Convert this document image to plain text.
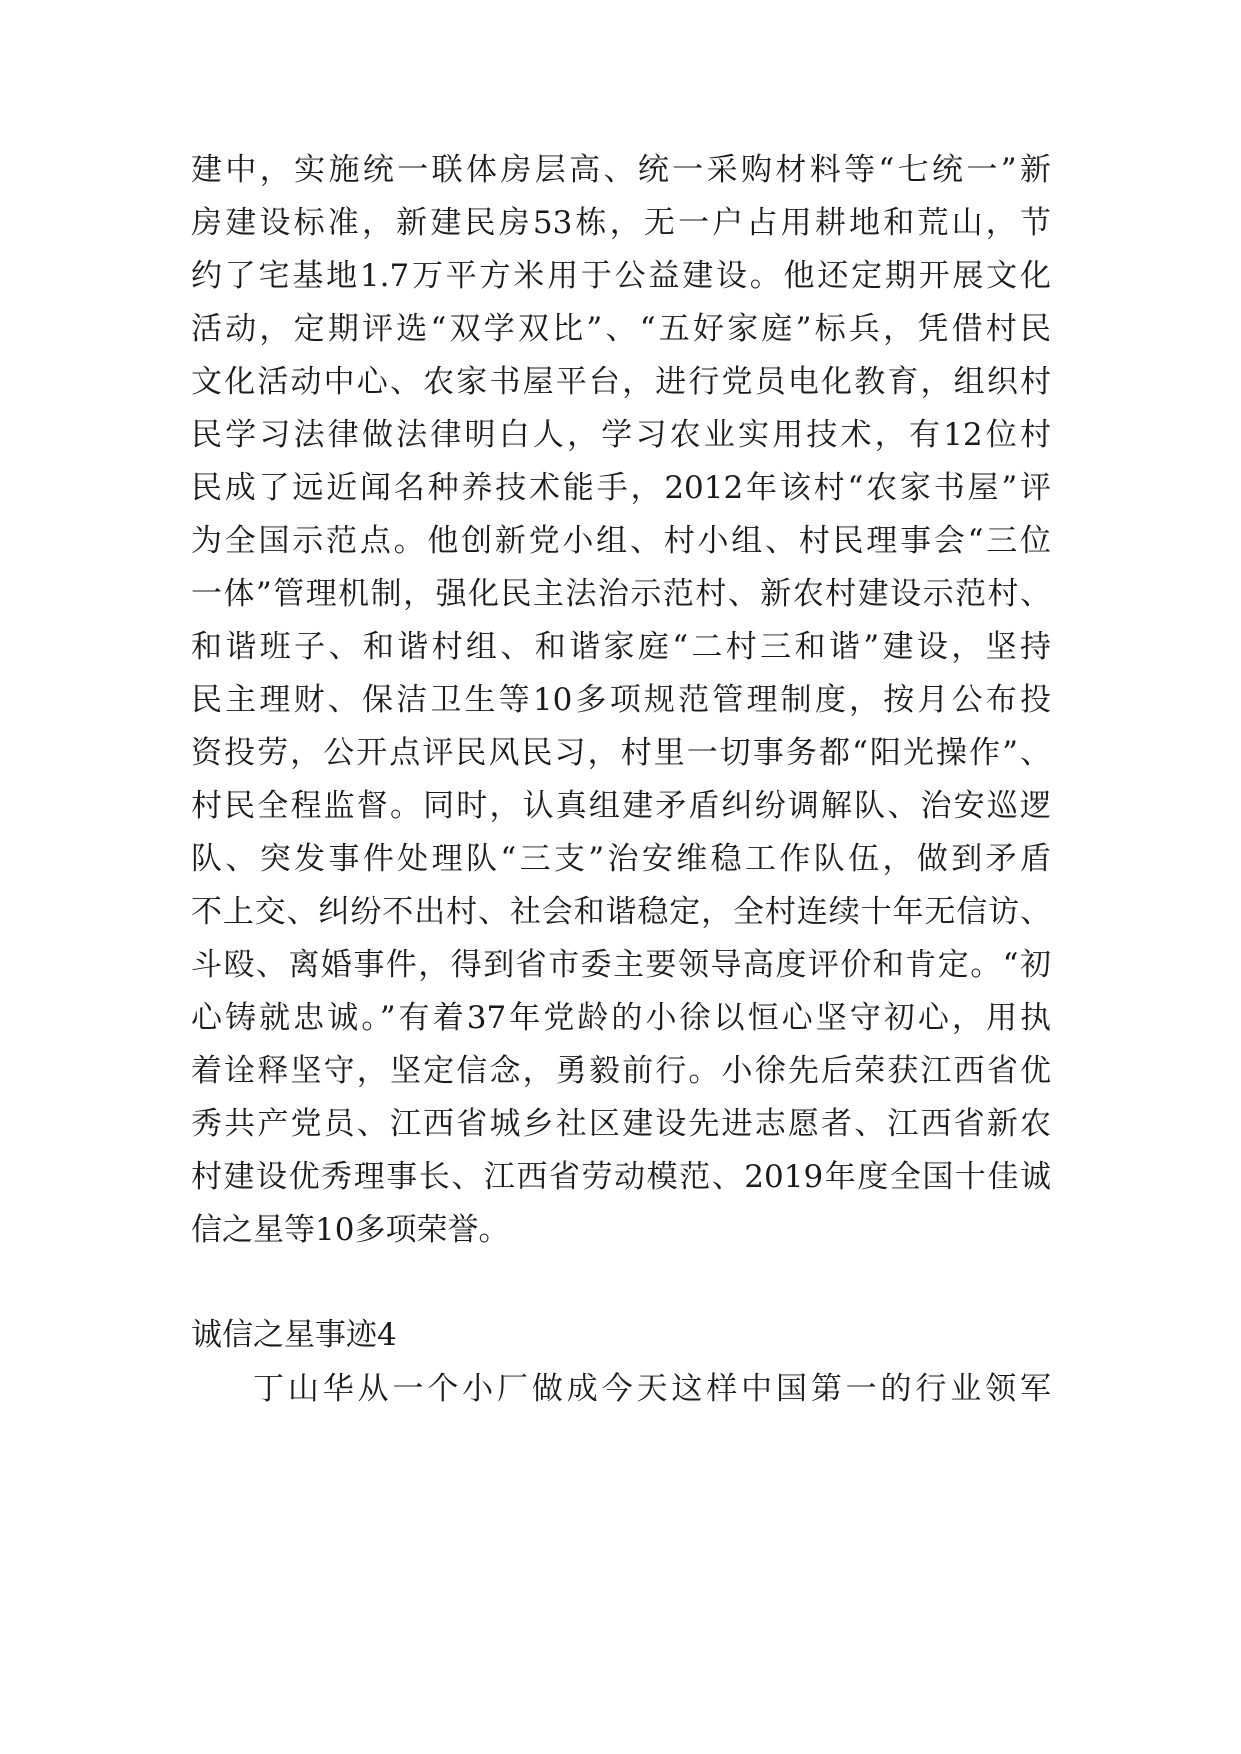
建中，实施统一联体房层高、统一采购材料等“七统一”新
房建设标准，新建民房53栋，无一户占用耕地和荒山，节
约了宅基地1.7万平方米用于公益建设。他还定期开展文化
活动，定期评选“双学双比”、“五好家庭”标兵，凭借村民
文化活动中心、农家书屋平台，进行党员电化教育，组织村
民学习法律做法律明白人，学习农业实用技术，有12位村
民成了远近闻名种养技术能手，2012年该村“农家书屋”评
为全国示范点。他创新党小组、村小组、村民理事会“三位
一体”管理机制，强化民主法治示范村、新农村建设示范村、
和谐班子、和谐村组、和谐家庭“二村三和谐”建设，坚持
民主理财、保洁卫生等10多项规范管理制度，按月公布投
资投劳，公开点评民风民习，村里一切事务都“阳光操作”、
村民全程监督。同时，认真组建矛盾纠纷调解队、治安巡逻
队、突发事件处理队“三支”治安维稳工作队伍，做到矛盾
不上交、纠纷不出村、社会和谐稳定，全村连续十年无信访、
斗殴、离婚事件，得到省市委主要领导高度评价和肯定。“初
心铸就忠诚。”有着37年党龄的小徐以恒心坚守初心，用执
着诠释坚守，坚定信念，勇毅前行。小徐先后荣获江西省优
秀共产党员、江西省城乡社区建设先进志愿者、江西省新农
村建设优秀理事长、江西省劳动模范、2019年度全国十佳诚
信之星等10多项荣誉。
诚信之星事迹4
丁山华从一个小厂做成今天这样中国第一的行业领军
